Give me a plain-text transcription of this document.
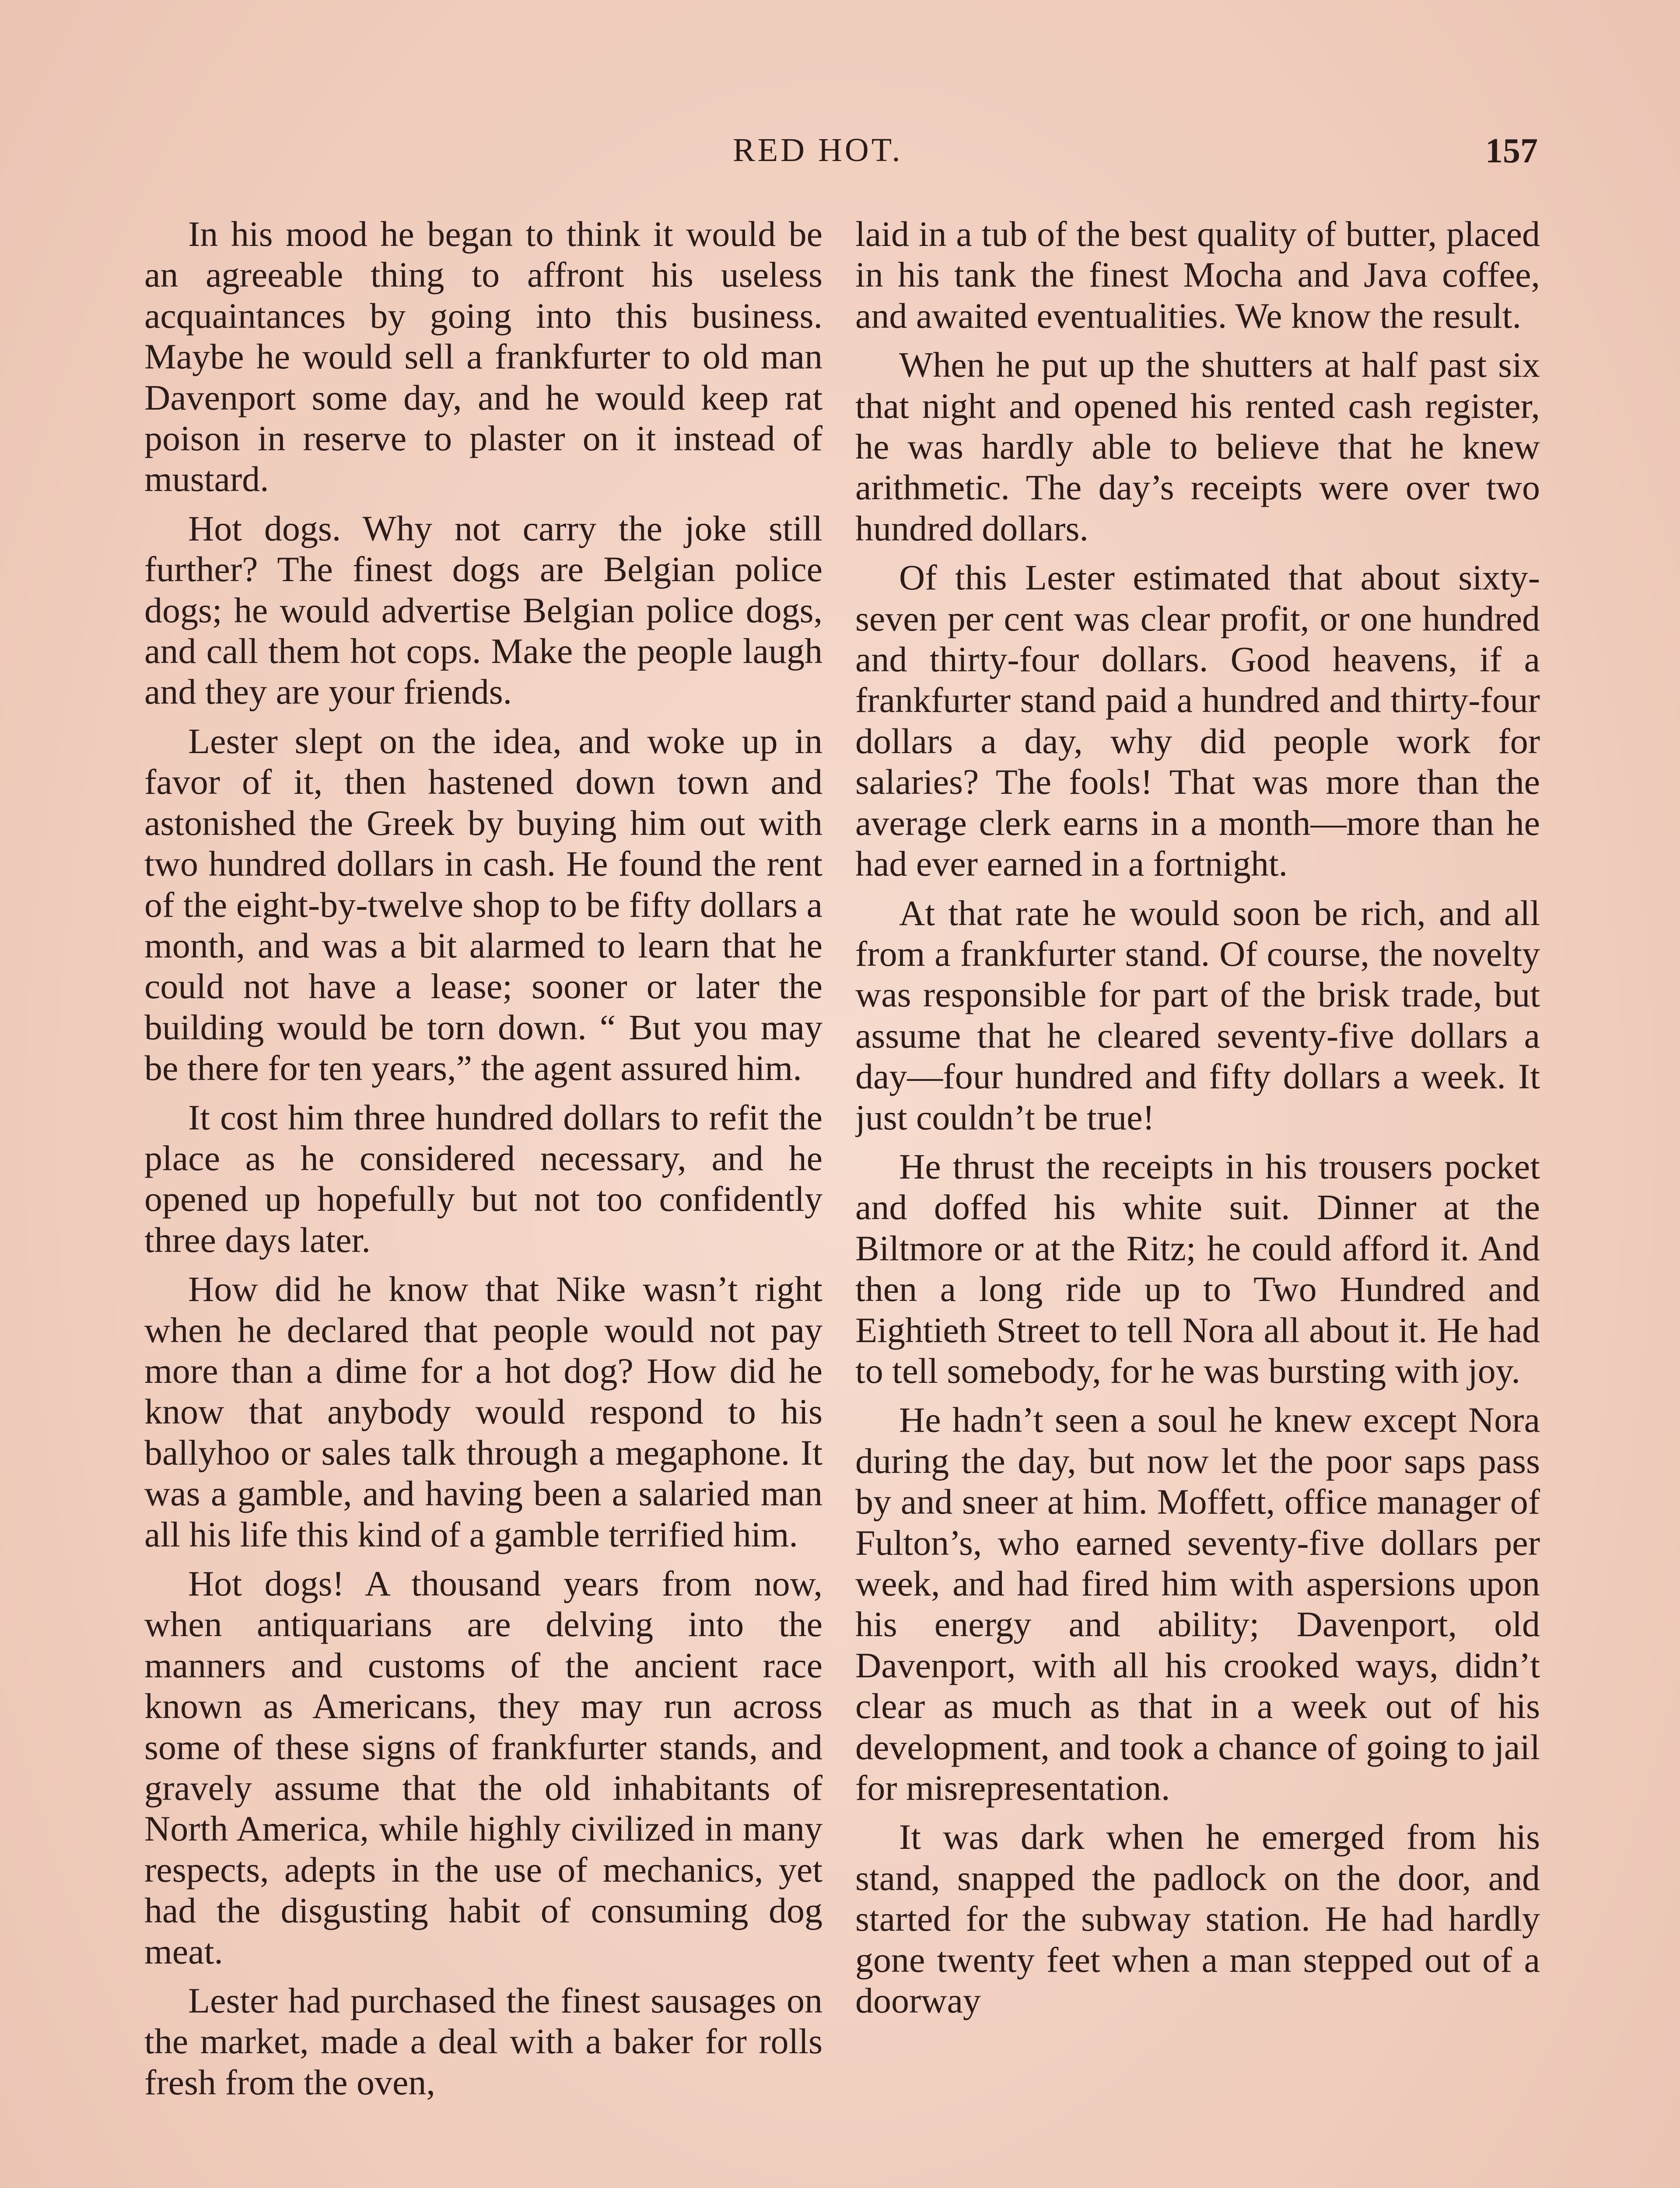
RED HOT.	157

In his mood he began to think it would be an agreeable thing to affront his useless acquaintances by going into this business. Maybe he would sell a frankfurter to old man Davenport some day, and he would keep rat poison in reserve to plaster on it instead of mustard.

Hot dogs. Why not carry the joke still further? The finest dogs are Belgian police dogs; he would advertise Belgian police dogs, and call them hot cops. Make the people laugh and they are your friends.

Lester slept on the idea, and woke up in favor of it, then hastened down town and astonished the Greek by buying him out with two hundred dollars in cash. He found the rent of the eight-by-twelve shop to be fifty dollars a month, and was a bit alarmed to learn that he could not have a lease; sooner or later the building would be torn down. “ But you may be there for ten years,” the agent assured him.

It cost him three hundred dollars to refit the place as he considered necessary, and he opened up hopefully but not too confidently three days later.

How did he know that Nike wasn’t right when he declared that people would not pay more than a dime for a hot dog? How did he know that anybody would respond to his ballyhoo or sales talk through a megaphone. It was a gamble, and having been a salaried man all his life this kind of a gamble terrified him.

Hot dogs! A thousand years from now, when antiquarians are delving into the manners and customs of the ancient race known as Americans, they may run across some of these signs of frankfurter stands, and gravely assume that the old inhabitants of North America, while highly civilized in many respects, adepts in the use of mechanics, yet had the disgusting habit of consuming dog meat.

Lester had purchased the finest sausages on the market, made a deal with a baker for rolls fresh from the oven,

laid in a tub of the best quality of butter, placed in his tank the finest Mocha and Java coffee, and awaited eventualities. We know the result.

When he put up the shutters at half past six that night and opened his rented cash register, he was hardly able to believe that he knew arithmetic. The day’s receipts were over two hundred dollars.

Of this Lester estimated that about sixty-seven per cent was clear profit, or one hundred and thirty-four dollars. Good heavens, if a frankfurter stand paid a hundred and thirty-four dollars a day, why did people work for salaries? The fools! That was more than the average clerk earns in a month—more than he had ever earned in a fortnight.

At that rate he would soon be rich, and all from a frankfurter stand. Of course, the novelty was responsible for part of the brisk trade, but assume that he cleared seventy-five dollars a day—four hundred and fifty dollars a week. It just couldn’t be true!

He thrust the receipts in his trousers pocket and doffed his white suit. Dinner at the Biltmore or at the Ritz; he could afford it. And then a long ride up to Two Hundred and Eightieth Street to tell Nora all about it. He had to tell somebody, for he was bursting with joy.

He hadn’t seen a soul he knew except Nora during the day, but now let the poor saps pass by and sneer at him. Moffett, office manager of Fulton’s, who earned seventy-five dollars per week, and had fired him with aspersions upon his energy and ability; Davenport, old Davenport, with all his crooked ways, didn’t clear as much as that in a week out of his development, and took a chance of going to jail for misrepresentation.

It was dark when he emerged from his stand, snapped the padlock on the door, and started for the subway station. He had hardly gone twenty feet when a man stepped out of a doorway
